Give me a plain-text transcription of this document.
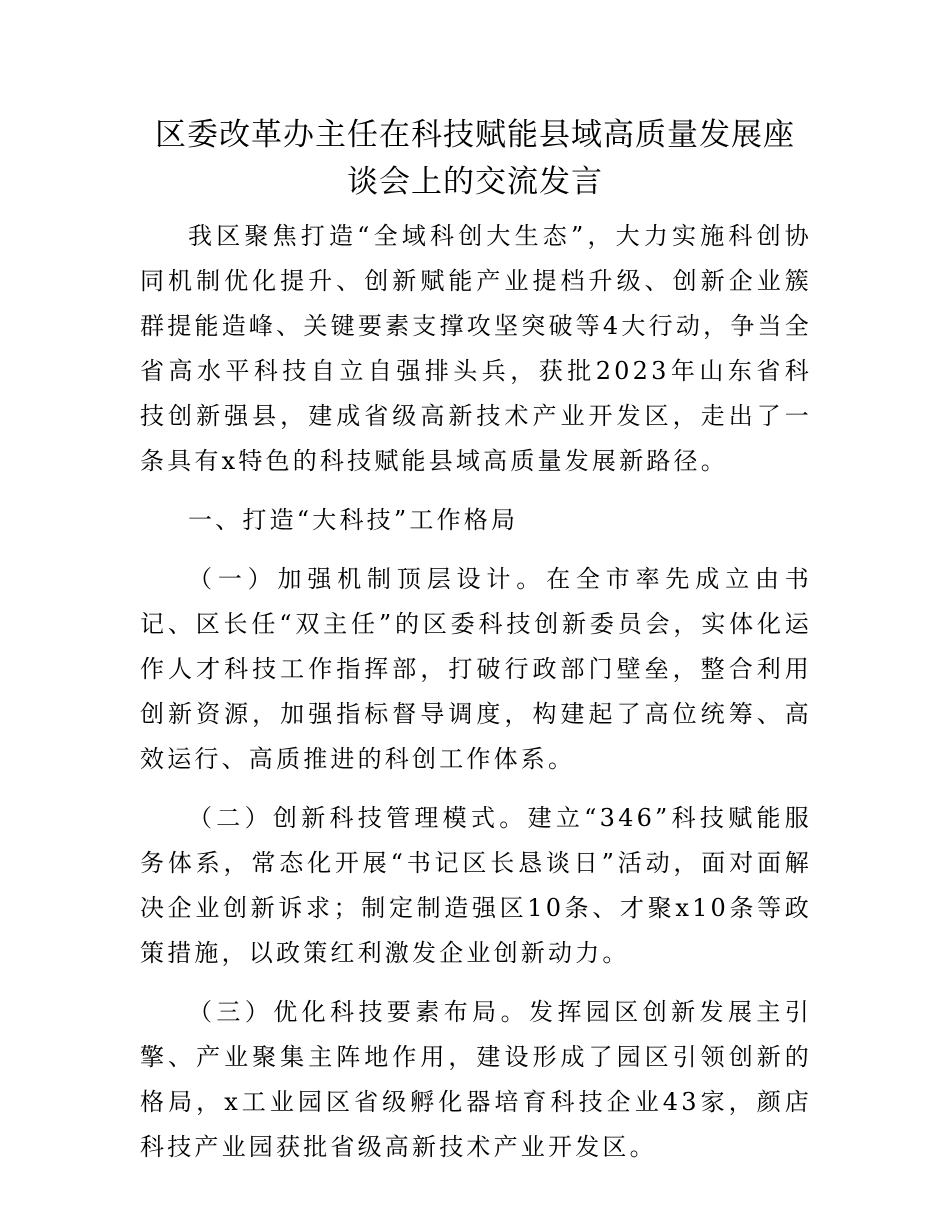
区委改革办主任在科技赋能县域高质量发展座
谈会上的交流发言

我区聚焦打造“全域科创大生态”，大力实施科创协同机制优化提升、创新赋能产业提档升级、创新企业簇群提能造峰、关键要素支撑攻坚突破等4大行动，争当全省高水平科技自立自强排头兵，获批2023年山东省科技创新强县，建成省级高新技术产业开发区，走出了一条具有x特色的科技赋能县域高质量发展新路径。

一、打造“大科技”工作格局

（一）加强机制顶层设计。在全市率先成立由书记、区长任“双主任”的区委科技创新委员会，实体化运作人才科技工作指挥部，打破行政部门壁垒，整合利用创新资源，加强指标督导调度，构建起了高位统筹、高效运行、高质推进的科创工作体系。

（二）创新科技管理模式。建立“346”科技赋能服务体系，常态化开展“书记区长恳谈日”活动，面对面解决企业创新诉求；制定制造强区10条、才聚x10条等政策措施，以政策红利激发企业创新动力。

（三）优化科技要素布局。发挥园区创新发展主引擎、产业聚集主阵地作用，建设形成了园区引领创新的格局，x工业园区省级孵化器培育科技企业43家，颜店科技产业园获批省级高新技术产业开发区。
